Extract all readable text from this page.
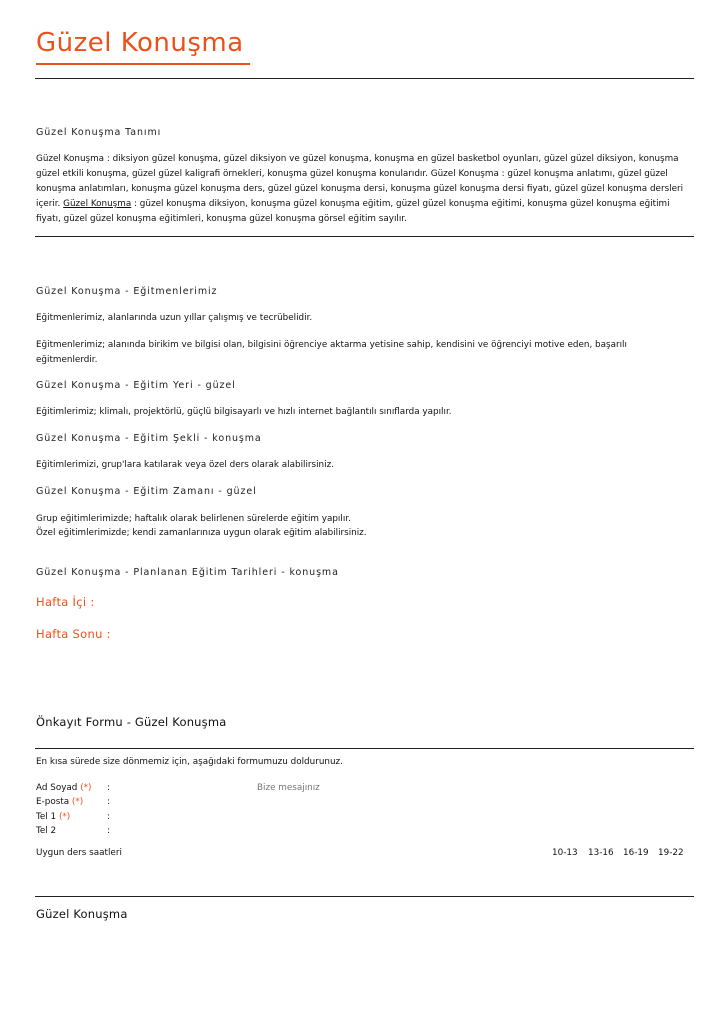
Güzel Konuşma
Güzel Konuşma Tanımı
Güzel Konuşma : diksiyon güzel konuşma, güzel diksiyon ve güzel konuşma, konuşma en güzel basketbol oyunları, güzel güzel diksiyon, konuşma güzel etkili konuşma, güzel güzel kaligrafi örnekleri, konuşma güzel konuşma konularıdır. Güzel Konuşma : güzel konuşma anlatımı, güzel güzel konuşma anlatımları, konuşma güzel konuşma ders, güzel güzel konuşma dersi, konuşma güzel konuşma dersi fiyatı, güzel güzel konuşma dersleri içerir. Güzel Konuşma : güzel konuşma diksiyon, konuşma güzel konuşma eğitim, güzel güzel konuşma eğitimi, konuşma güzel konuşma eğitimi fiyatı, güzel güzel konuşma eğitimleri, konuşma güzel konuşma görsel eğitim sayılır.
Güzel Konuşma - Eğitmenlerimiz
Eğitmenlerimiz, alanlarında uzun yıllar çalışmış ve tecrübelidir.
Eğitmenlerimiz; alanında birikim ve bilgisi olan, bilgisini öğrenciye aktarma yetisine sahip, kendisini ve öğrenciyi motive eden, başarılı eğitmenlerdir.
Güzel Konuşma - Eğitim Yeri - güzel
Eğitimlerimiz; klimalı, projektörlü, güçlü bilgisayarlı ve hızlı internet bağlantılı sınıflarda yapılır.
Güzel Konuşma - Eğitim Şekli - konuşma
Eğitimlerimizi, grup'lara katılarak veya özel ders olarak alabilirsiniz.
Güzel Konuşma - Eğitim Zamanı - güzel
Grup eğitimlerimizde; haftalık olarak belirlenen sürelerde eğitim yapılır.
Özel eğitimlerimizde; kendi zamanlarınıza uygun olarak eğitim alabilirsiniz.
Güzel Konuşma - Planlanan Eğitim Tarihleri - konuşma
Hafta İçi :
Hafta Sonu :
Önkayıt Formu - Güzel Konuşma
En kısa sürede size dönmemiz için, aşağıdaki formumuzu doldurunuz.
Ad Soyad (*) :
E-posta (*)	:
Tel 1 (*)	:
Tel 2	:
Bize mesajınız
Uygun ders saatleri	10-13 13-16 16-19 19-22
Güzel Konuşma
